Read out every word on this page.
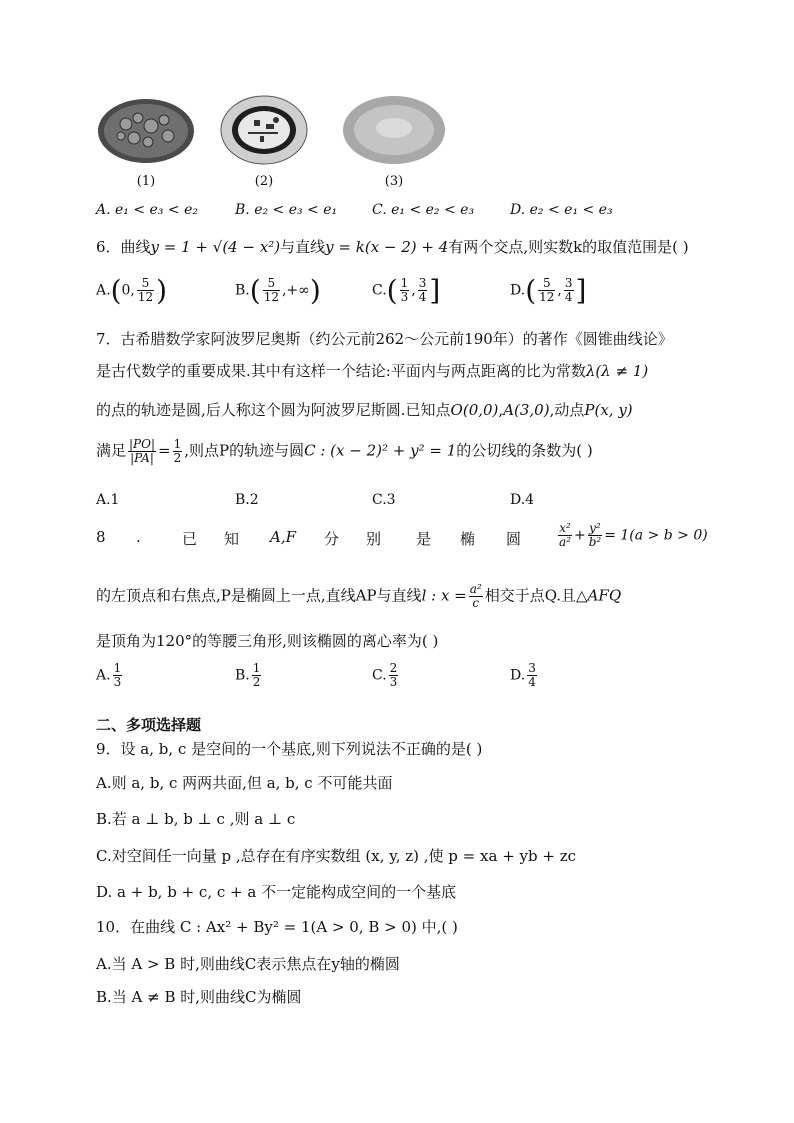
(1)	(2)	(3)
A. e₁ < e₃ < e₂	B. e₂ < e₃ < e₁ C. e₁ < e₂ < e₃	D. e₂ < e₁ < e₃
6．曲线y = 1 + √(4 − x²)与直线y = k(x − 2) + 4有两个交点,则实数k的取值范围是( )
A.(0, $\frac{5}{12}$ )	$B.( \frac{5}{12}$ ,+∞)	$C.( \frac{1}{3}$ , $\frac{3}{4}$ ]	$D.( \frac{5}{12}$ , $\frac{3}{4}$ ]
7．古希腊数学家阿波罗尼奥斯（约公元前262～公元前190年）的著作《圆锥曲线论》
是古代数学的重要成果.其中有这样一个结论:平面内与两点距离的比为常数λ(λ ≠ 1)
的点的轨迹是圆,后人称这个圆为阿波罗尼斯圆.已知点O(0,0),A(3,0),动点P(x, y)
满足 $\frac{|PO|}{|PA|} = \frac{1}{2}$ ,则点P的轨迹与圆C : (x − 2)² + y² = 1的公切线的条数为( )
A.1	B.2	C.3	D.4
8 .	已 知 A,F 分 别 是 椭 圆	$\frac{\text{x²}}{\text{a²}} + \frac{\text{y²}}{\text{b²}} = 1(a > b > 0)$
的左顶点和右焦点,P是椭圆上一点,直线AP与直线l : $x = \frac{\text{a²}}{c}$ 相交于点Q.且△AFQ
是顶角为120°的等腰三角形,则该椭圆的离心率为( )
A. $\frac{1}{3}$	B. $\frac{1}{2}$	C. $\frac{2}{3}$	D. $\frac{3}{4}$
二、多项选择题
9．设 a, b, c 是空间的一个基底,则下列说法不正确的是( )
A.则 a, b, c 两两共面,但 a, b, c 不可能共面
B.若 a ⊥ b, b ⊥ c ,则 a ⊥ c
C.对空间任一向量 p ,总存在有序实数组 (x, y, z) ,使 p = xa + yb + zc
D. a + b, b + c, c + a 不一定能构成空间的一个基底
10．在曲线 C : Ax² + By² = 1(A > 0, B > 0) 中,( )
A.当 A > B 时,则曲线C表示焦点在y轴的椭圆
B.当 A ≠ B 时,则曲线C为椭圆
